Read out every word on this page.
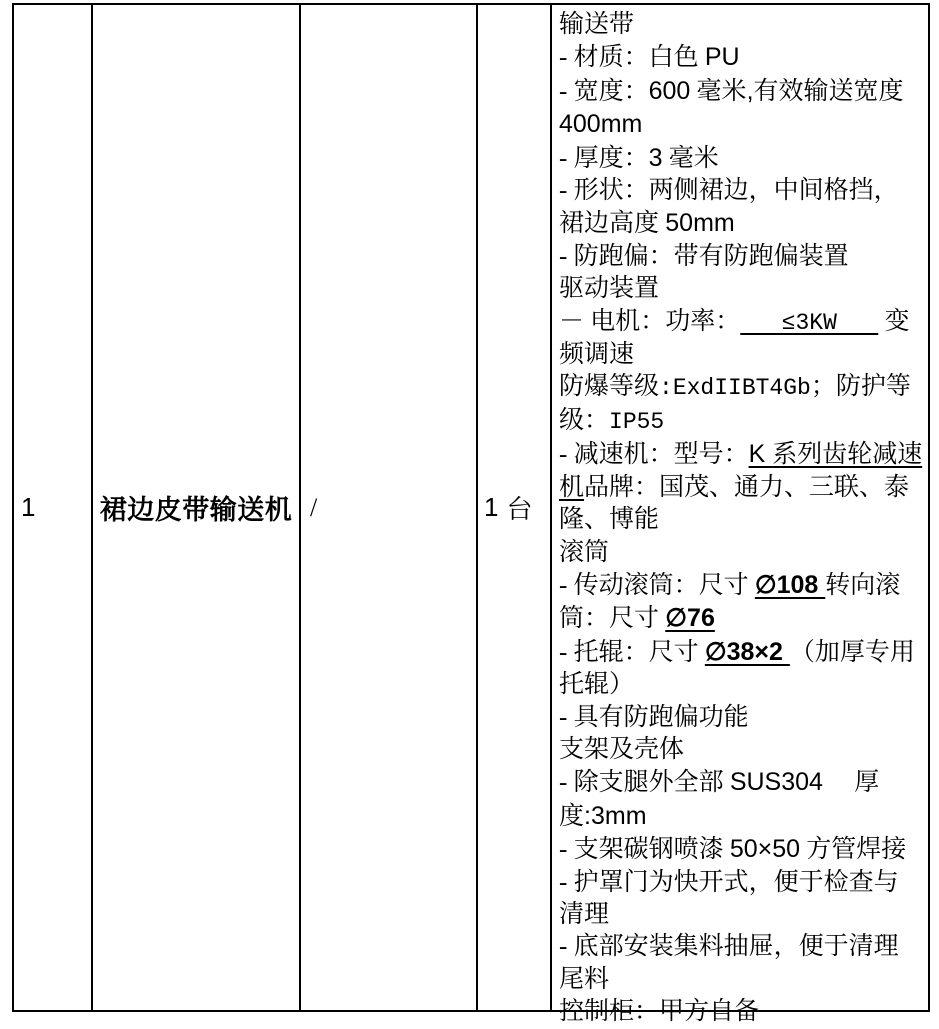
1 裙边皮带输送机 /	1 台
输送带
- 材质：白色 PU
- 宽度：600 毫米,有效输送宽度
400mm
- 厚度：3 毫米
- 形状：两侧裙边，中间格挡，
裙边高度 50mm
- 防跑偏：带有防跑偏装置
驱动装置
－ 电机：功率：   ≤3KW    变
频调速
防爆等级:ExdIIBT4Gb；防护等
级：IP55
- 减速机：型号：K 系列齿轮减速
机品牌：国茂、通力、三联、泰
隆、博能
滚筒
- 传动滚筒：尺寸 ∅108 转向滚
筒：尺寸 ∅76
- 托辊：尺寸 ∅38×2 （加厚专用
托辊）
- 具有防跑偏功能
支架及壳体
- 除支腿外全部 SUS304　 厚
度:3mm
- 支架碳钢喷漆 50×50 方管焊接
- 护罩门为快开式，便于检查与
清理
- 底部安装集料抽屉，便于清理
尾料
控制柜：甲方自备
